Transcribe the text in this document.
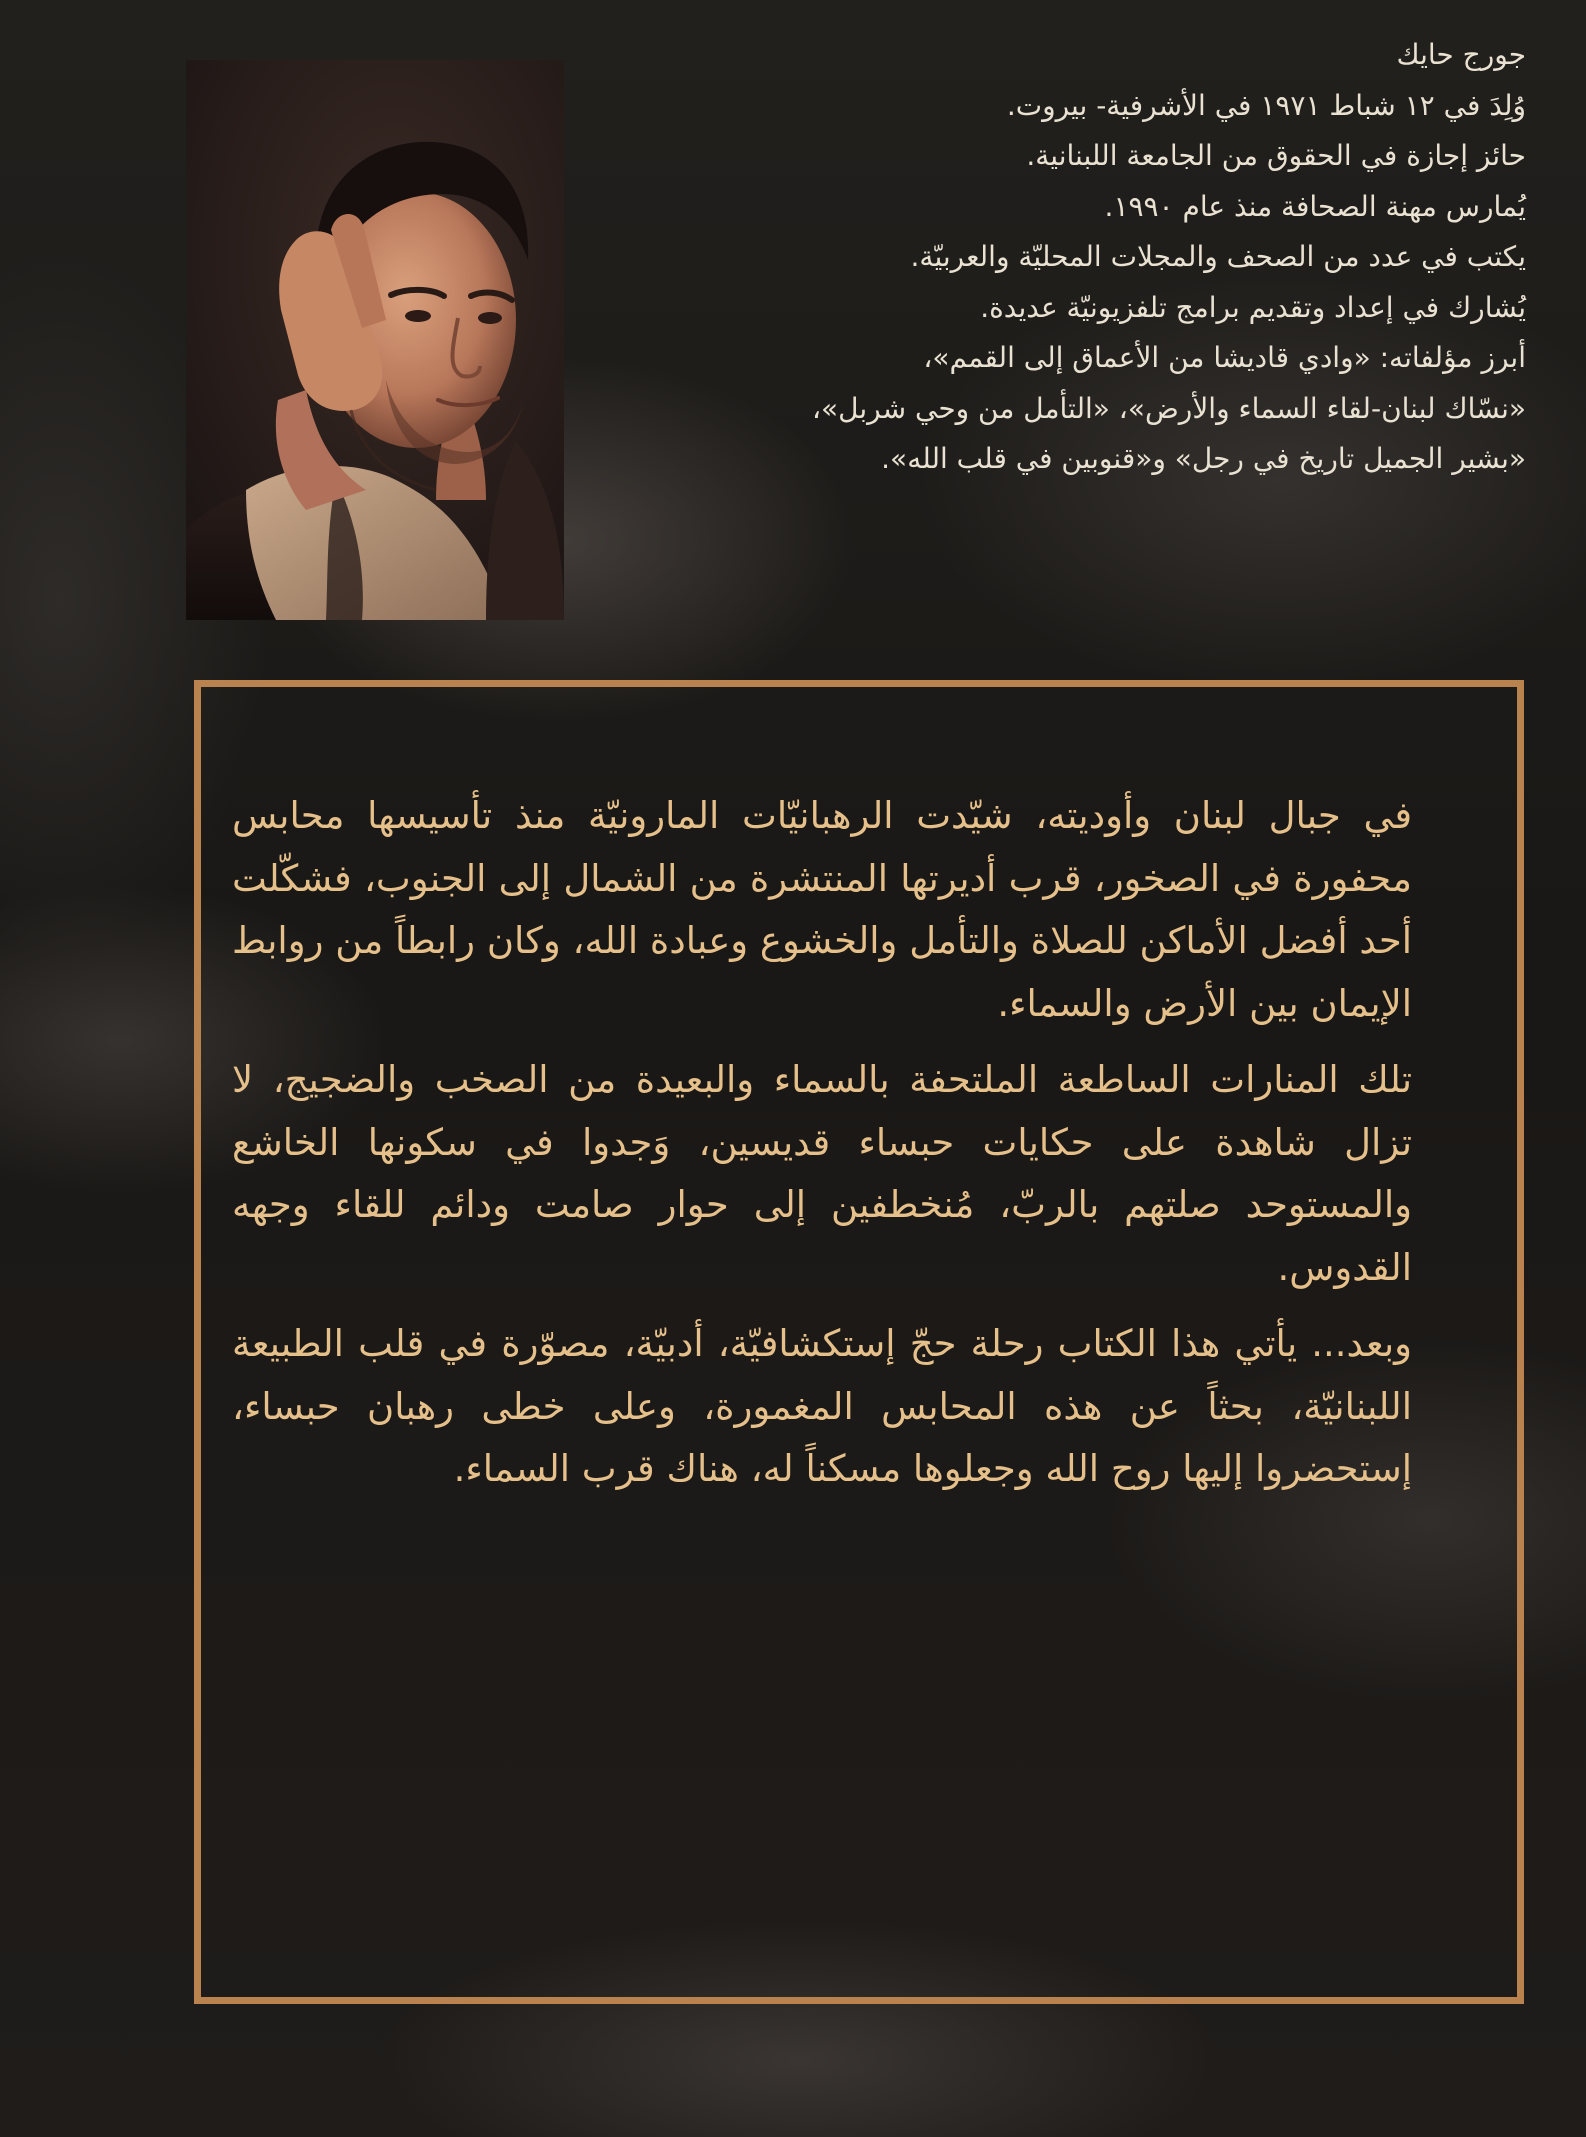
جورج حايك
وُلِدَ في ١٢ شباط ١٩٧١ في الأشرفية- بيروت.
حائز إجازة في الحقوق من الجامعة اللبنانية.
يُمارس مهنة الصحافة منذ عام ١٩٩٠.
يكتب في عدد من الصحف والمجلات المحليّة والعربيّة.
يُشارك في إعداد وتقديم برامج تلفزيونيّة عديدة.
أبرز مؤلفاته: «وادي قاديشا من الأعماق إلى القمم»،
«نسّاك لبنان-لقاء السماء والأرض»، «التأمل من وحي شربل»،
«بشير الجميل تاريخ في رجل» و«قنوبين في قلب الله».

في جبال لبنان وأوديته، شيّدت الرهبانيّات المارونيّة منذ تأسيسها محابس محفورة في الصخور، قرب أديرتها المنتشرة من الشمال إلى الجنوب، فشكّلت أحد أفضل الأماكن للصلاة والتأمل والخشوع وعبادة الله، وكان رابطاً من روابط الإيمان بين الأرض والسماء.

تلك المنارات الساطعة الملتحفة بالسماء والبعيدة من الصخب والضجيج، لا تزال شاهدة على حكايات حبساء قديسين، وَجدوا في سكونها الخاشع والمستوحد صلتهم بالربّ، مُنخطفين إلى حوار صامت ودائم للقاء وجهه القدوس.

وبعد... يأتي هذا الكتاب رحلة حجّ إستكشافيّة، أدبيّة، مصوّرة في قلب الطبيعة اللبنانيّة، بحثاً عن هذه المحابس المغمورة، وعلى خطى رهبان حبساء، إستحضروا إليها روح الله وجعلوها مسكناً له، هناك قرب السماء.
